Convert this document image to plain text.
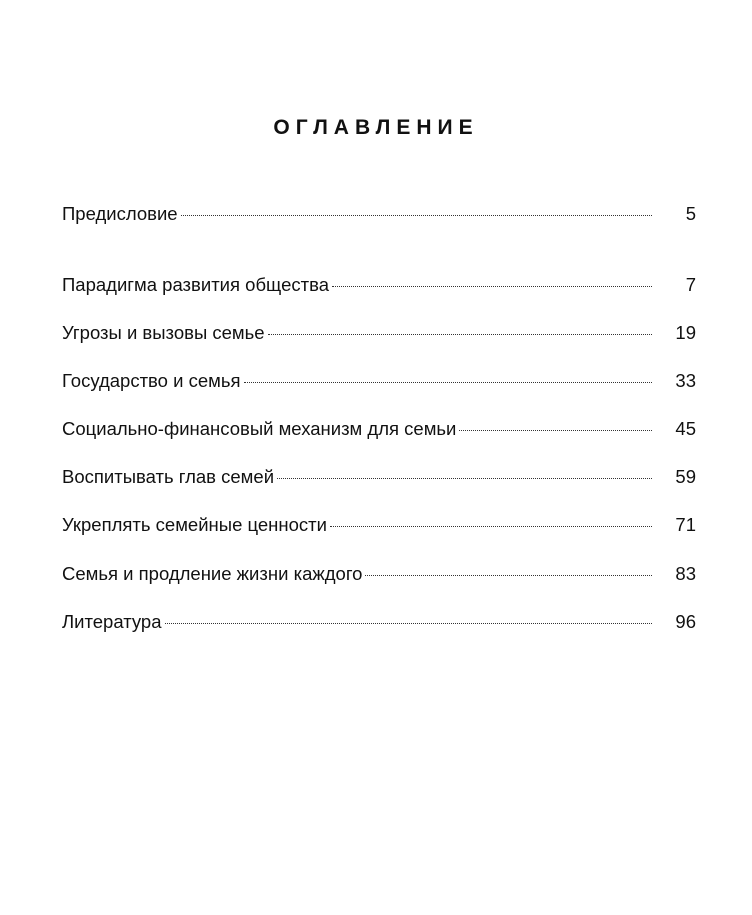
ОГЛАВЛЕНИЕ
Предисловие	5
Парадигма развития общества	7
Угрозы и вызовы семье	19
Государство и семья	33
Социально-финансовый механизм для семьи	45
Воспитывать глав семей	59
Укреплять семейные ценности	71
Семья и продление жизни каждого	83
Литература	96
